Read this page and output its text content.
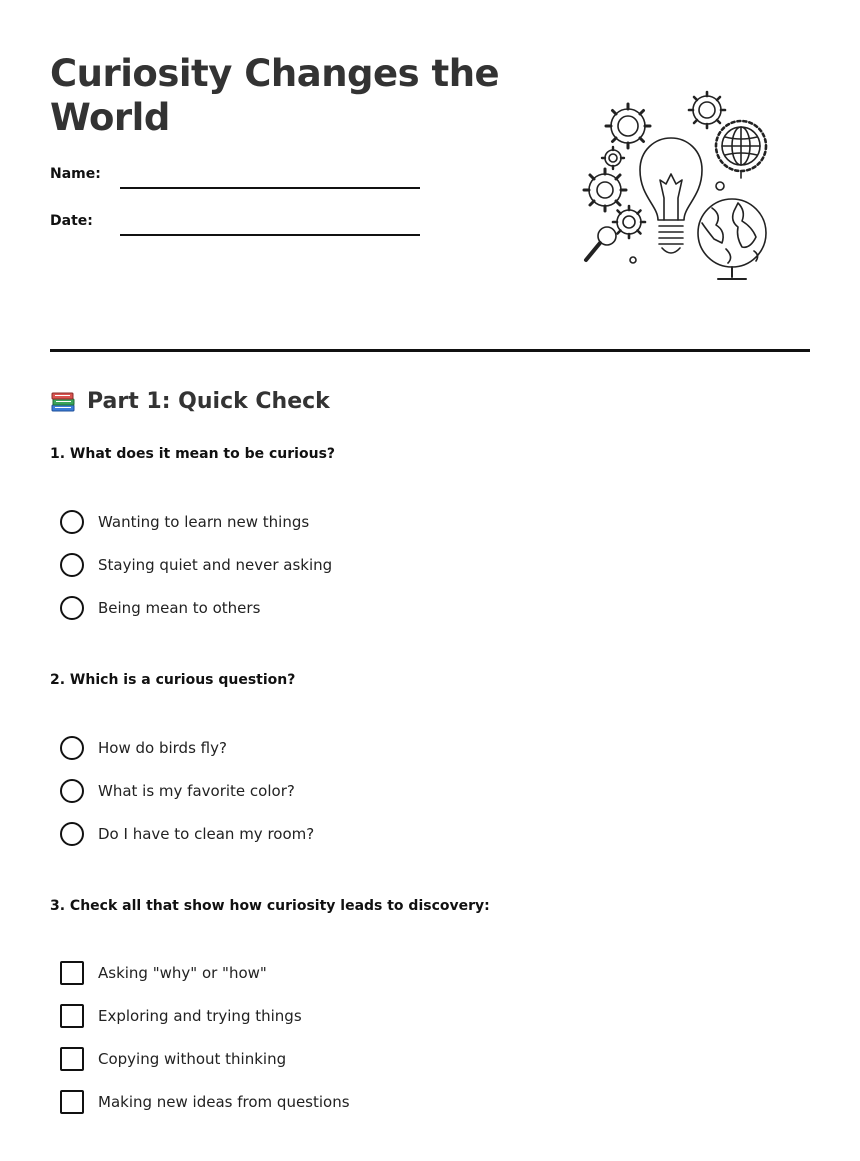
Curiosity Changes the World
Name:
Date:
Part 1: Quick Check

1. What does it mean to be curious?

Wanting to learn new things
Staying quiet and never asking
Being mean to others

2. Which is a curious question?

How do birds fly?
What is my favorite color?
Do I have to clean my room?

3. Check all that show how curiosity leads to discovery:

Asking "why" or "how"
Exploring and trying things
Copying without thinking
Making new ideas from questions
